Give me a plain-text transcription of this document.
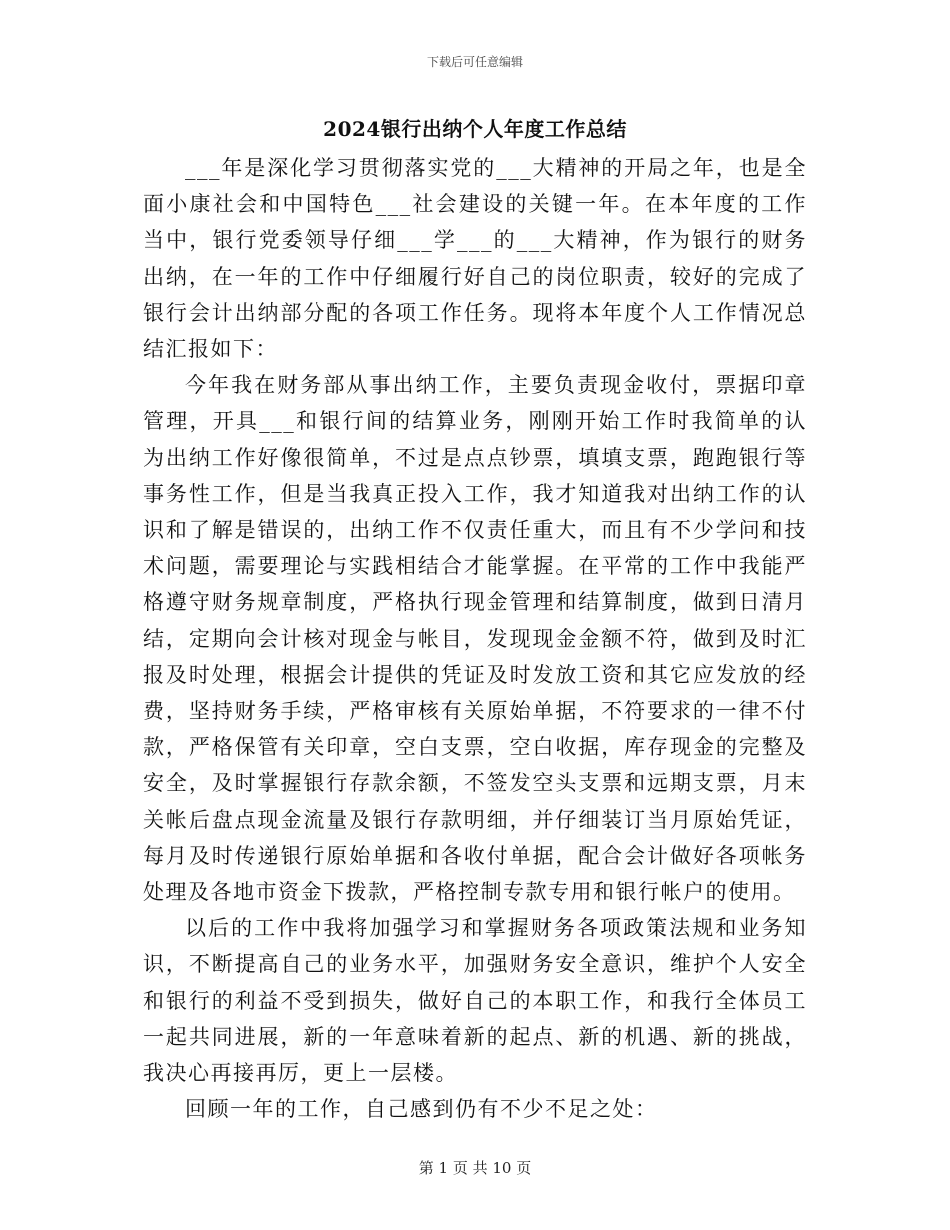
下载后可任意编辑
2024银行出纳个人年度工作总结

___年是深化学习贯彻落实党的___大精神的开局之年，也是全面小康社会和中国特色___社会建设的关键一年。在本年度的工作当中，银行党委领导仔细___学___的___大精神，作为银行的财务出纳，在一年的工作中仔细履行好自己的岗位职责，较好的完成了银行会计出纳部分配的各项工作任务。现将本年度个人工作情况总结汇报如下：

今年我在财务部从事出纳工作，主要负责现金收付，票据印章管理，开具___和银行间的结算业务，刚刚开始工作时我简单的认为出纳工作好像很简单，不过是点点钞票，填填支票，跑跑银行等事务性工作，但是当我真正投入工作，我才知道我对出纳工作的认识和了解是错误的，出纳工作不仅责任重大，而且有不少学问和技术问题，需要理论与实践相结合才能掌握。在平常的工作中我能严格遵守财务规章制度，严格执行现金管理和结算制度，做到日清月结，定期向会计核对现金与帐目，发现现金金额不符，做到及时汇报及时处理，根据会计提供的凭证及时发放工资和其它应发放的经费，坚持财务手续，严格审核有关原始单据，不符要求的一律不付款，严格保管有关印章，空白支票，空白收据，库存现金的完整及安全，及时掌握银行存款余额，不签发空头支票和远期支票，月末关帐后盘点现金流量及银行存款明细，并仔细装订当月原始凭证，每月及时传递银行原始单据和各收付单据，配合会计做好各项帐务处理及各地市资金下拨款，严格控制专款专用和银行帐户的使用。

以后的工作中我将加强学习和掌握财务各项政策法规和业务知识，不断提高自己的业务水平，加强财务安全意识，维护个人安全和银行的利益不受到损失，做好自己的本职工作，和我行全体员工一起共同进展，新的一年意味着新的起点、新的机遇、新的挑战，我决心再接再厉，更上一层楼。

回顾一年的工作，自己感到仍有不少不足之处：

第 1 页 共 10 页
